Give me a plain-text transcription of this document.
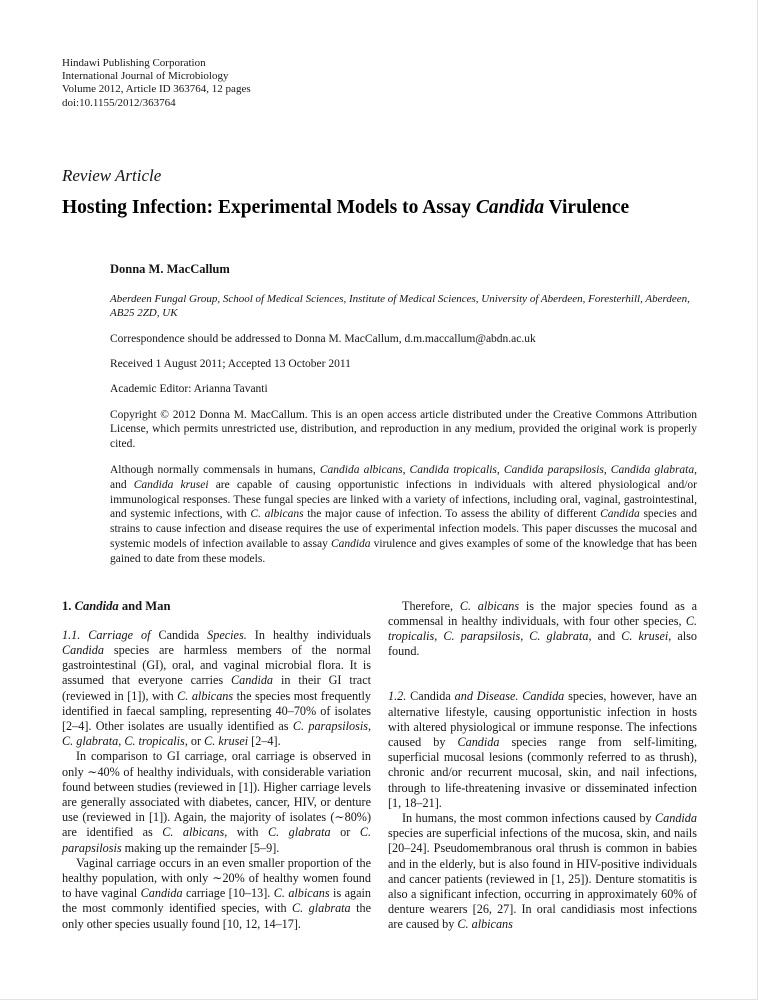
Hindawi Publishing Corporation
International Journal of Microbiology
Volume 2012, Article ID 363764, 12 pages
doi:10.1155/2012/363764
Review Article
Hosting Infection: Experimental Models to Assay Candida Virulence
Donna M. MacCallum
Aberdeen Fungal Group, School of Medical Sciences, Institute of Medical Sciences, University of Aberdeen, Foresterhill, Aberdeen, AB25 2ZD, UK
Correspondence should be addressed to Donna M. MacCallum, d.m.maccallum@abdn.ac.uk
Received 1 August 2011; Accepted 13 October 2011
Academic Editor: Arianna Tavanti

Copyright © 2012 Donna M. MacCallum. This is an open access article distributed under the Creative Commons Attribution License, which permits unrestricted use, distribution, and reproduction in any medium, provided the original work is properly cited.

Although normally commensals in humans, Candida albicans, Candida tropicalis, Candida parapsilosis, Candida glabrata, and Candida krusei are capable of causing opportunistic infections in individuals with altered physiological and/or immunological responses. These fungal species are linked with a variety of infections, including oral, vaginal, gastrointestinal, and systemic infections, with C. albicans the major cause of infection. To assess the ability of different Candida species and strains to cause infection and disease requires the use of experimental infection models. This paper discusses the mucosal and systemic models of infection available to assay Candida virulence and gives examples of some of the knowledge that has been gained to date from these models.

1. Candida and Man

1.1. Carriage of Candida Species. In healthy individuals Candida species are harmless members of the normal gastrointestinal (GI), oral, and vaginal microbial flora. It is assumed that everyone carries Candida in their GI tract (reviewed in [1]), with C. albicans the species most frequently identified in faecal sampling, representing 40–70% of isolates [2–4]. Other isolates are usually identified as C. parapsilosis, C. glabrata, C. tropicalis, or C. krusei [2–4].

In comparison to GI carriage, oral carriage is observed in only ∼40% of healthy individuals, with considerable variation found between studies (reviewed in [1]). Higher carriage levels are generally associated with diabetes, cancer, HIV, or denture use (reviewed in [1]). Again, the majority of isolates (∼80%) are identified as C. albicans, with C. glabrata or C. parapsilosis making up the remainder [5–9].

Vaginal carriage occurs in an even smaller proportion of the healthy population, with only ∼20% of healthy women found to have vaginal Candida carriage [10–13]. C. albicans is again the most commonly identified species, with C. glabrata the only other species usually found [10, 12, 14–17].

Therefore, C. albicans is the major species found as a commensal in healthy individuals, with four other species, C. tropicalis, C. parapsilosis, C. glabrata, and C. krusei, also found.

1.2. Candida and Disease. Candida species, however, have an alternative lifestyle, causing opportunistic infection in hosts with altered physiological or immune response. The infections caused by Candida species range from self-limiting, superficial mucosal lesions (commonly referred to as thrush), chronic and/or recurrent mucosal, skin, and nail infections, through to life-threatening invasive or disseminated infection [1, 18–21].

In humans, the most common infections caused by Candida species are superficial infections of the mucosa, skin, and nails [20–24]. Pseudomembranous oral thrush is common in babies and in the elderly, but is also found in HIV-positive individuals and cancer patients (reviewed in [1, 25]). Denture stomatitis is also a significant infection, occurring in approximately 60% of denture wearers [26, 27]. In oral candidiasis most infections are caused by C. albicans
